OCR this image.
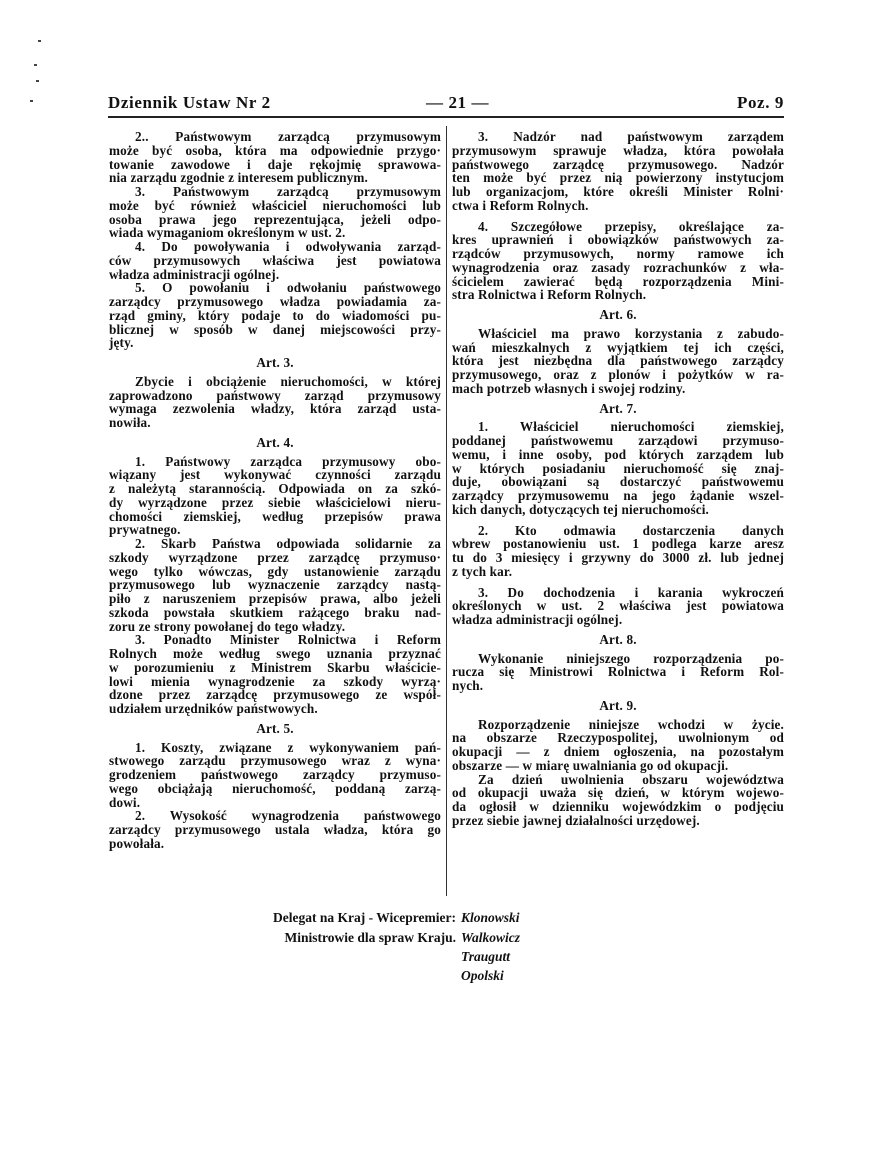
Dziennik Ustaw Nr 2	— 21 —	Poz. 9
2.. Państwowym zarządcą przymusowym
może być osoba, która ma odpowiednie przygo·
towanie zawodowe i daje rękojmię sprawowa-
nia zarządu zgodnie z interesem publicznym.
3. Państwowym zarządcą przymusowym
może być również właściciel nieruchomości lub
osoba prawa jego reprezentująca, jeżeli odpo-
wiada wymaganiom określonym w ust. 2.
4. Do powoływania i odwoływania zarząd-
ców przymusowych właściwa jest powiatowa
władza administracji ogólnej.
5. O powołaniu i odwołaniu państwowego
zarządcy przymusowego władza powiadamia za-
rząd gminy, który podaje to do wiadomości pu-
blicznej w sposób w danej miejscowości przy-
jęty.
Art. 3.
Zbycie i obciążenie nieruchomości, w której
zaprowadzono państwowy zarząd przymusowy
wymaga zezwolenia władzy, która zarząd usta-
nowiła.
Art. 4.
1. Państwowy zarządca przymusowy obo-
wiązany jest wykonywać czynności zarządu
z należytą starannością. Odpowiada on za szkó-
dy wyrządzone przez siebie właścicielowi nieru-
chomości ziemskiej, według przepisów prawa
prywatnego.
2. Skarb Państwa odpowiada solidarnie za
szkody wyrządzone przez zarządcę przymuso·
wego tylko wówczas, gdy ustanowienie zarządu
przymusowego lub wyznaczenie zarządcy nastą-
piło z naruszeniem przepisów prawa, albo jeżeli
szkoda powstała skutkiem rażącego braku nad-
zoru ze strony powołanej do tego władzy.
3. Ponadto Minister Rolnictwa i Reform
Rolnych może według swego uznania przyznać
w porozumieniu z Ministrem Skarbu właściciе-
lowi mienia wynagrodzenie za szkody wyrzą·
dzone przez zarządcę przymusowego ze współ-
udziałem urzędników państwowych.
Art. 5.
1. Koszty, związane z wykonywaniem pań-
stwowego zarządu przymusowego wraz z wyna·
grodzeniem państwowego zarządcy przymuso-
wego obciążają nieruchomość, poddaną zarzą-
dowi.
2. Wysokość wynagrodzenia państwowego
zarządcy przymusowego ustala władza, która go
powołała.
3. Nadzór nad państwowym zarządem
przymusowym sprawuje władza, która powołała
państwowego zarządcę przymusowego. Nadzór
ten może być przez nią powierzony instytucjom
lub organizacjom, które określi Minister Rolni·
ctwa i Reform Rolnych.
4. Szczegółowe przepisy, określające za-
kres uprawnień i obowiązków państwowych za-
rządców przymusowych, normy ramowe ich
wynagrodzenia oraz zasady rozrachunków z wła-
ścicielem zawierać będą rozporządzenia Mini-
stra Rolnictwa i Reform Rolnych.
Art. 6.
Właściciel ma prawo korzystania z zabudo-
wań mieszkalnych z wyjątkiem tej ich części,
która jest niezbędna dla państwowego zarządcy
przymusowego, oraz z plonów i pożytków w ra-
mach potrzeb własnych i swojej rodziny.
Art. 7.
1. Właściciel nieruchomości ziemskiej,
poddanej państwowemu zarządowi przymuso-
wemu, i inne osoby, pod których zarządem lub
w których posiadaniu nieruchomość się znaj-
duje, obowiązani są dostarczyć państwowemu
zarządcy przymusowemu na jego żądanie wszel-
kich danych, dotyczących tej nieruchomości.
2. Kto odmawia dostarczenia danych
wbrew postanowieniu ust. 1 podlega karze aresz
tu do 3 miesięcy i grzywny do 3000 zł. lub jednej
z tych kar.
3. Do dochodzenia i karania wykroczeń
określonych w ust. 2 właściwa jest powiatowa
władza administracji ogólnej.
Art. 8.
Wykonanie niniejszego rozporządzenia po-
rucza się Ministrowi Rolnictwa i Reform Rol-
nych.
Art. 9.
Rozporządzenie niniejsze wchodzi w życie.
na obszarze Rzeczypospolitej, uwolnionym od
okupacji — z dniem ogłoszenia, na pozostałym
obszarze — w miarę uwalniania go od okupacji.
Za dzień uwolnienia obszaru województwa
od okupacji uważa się dzień, w którym wojewo-
da ogłosił w dzienniku wojewódzkim o podjęciu
przez siebie jawnej działalności urzędowej.
Delegat na Kraj - Wicepremier:
Ministrowie dla spraw Kraju.
Klonowski
Walkowicz
Traugutt
Opolski
